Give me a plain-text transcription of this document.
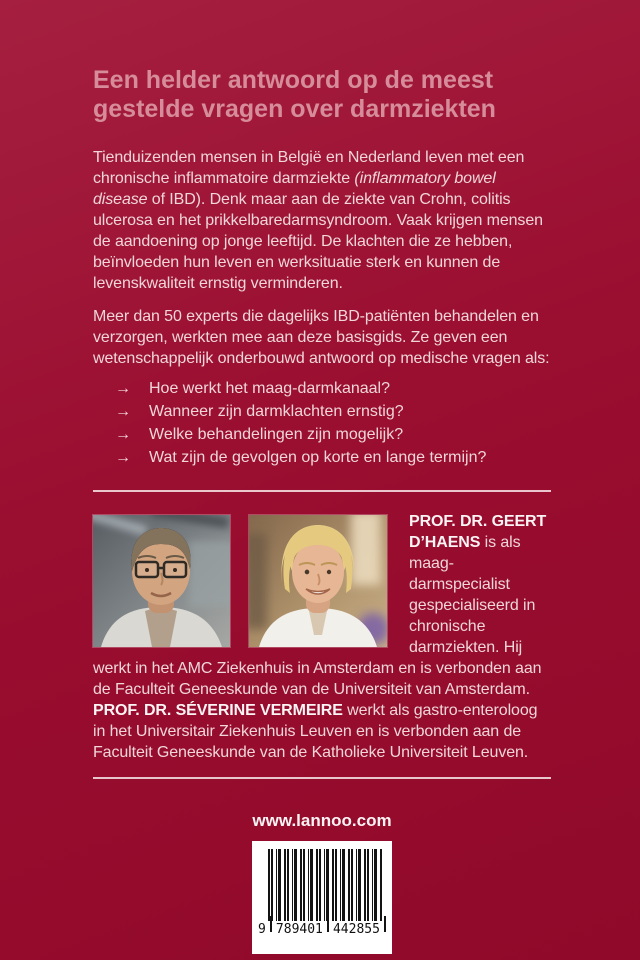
Een helder antwoord op de meest gestelde vragen over darmziekten

Tienduizenden mensen in België en Nederland leven met een chronische inflammatoire darmziekte (inflammatory bowel disease of IBD). Denk maar aan de ziekte van Crohn, colitis ulcerosa en het prikkelbaredarmsyndroom. Vaak krijgen mensen de aandoening op jonge leeftijd. De klachten die ze hebben, beïnvloeden hun leven en werksituatie sterk en kunnen de levenskwaliteit ernstig verminderen.

Meer dan 50 experts die dagelijks IBD-patiënten behandelen en verzorgen, werkten mee aan deze basisgids. Ze geven een wetenschappelijk onderbouwd antwoord op medische vragen als:

→ Hoe werkt het maag-darmkanaal?
→ Wanneer zijn darmklachten ernstig?
→ Welke behandelingen zijn mogelijk?
→ Wat zijn de gevolgen op korte en lange termijn?

PROF. DR. GEERT D’HAENS is als maag-darmspecialist gespecialiseerd in chronische darmziekten. Hij werkt in het AMC Ziekenhuis in Amsterdam en is verbonden aan de Faculteit Geneeskunde van de Universiteit van Amsterdam. PROF. DR. SÉVERINE VERMEIRE werkt als gastro-enteroloog in het Universitair Ziekenhuis Leuven en is verbonden aan de Faculteit Geneeskunde van de Katholieke Universiteit Leuven.

www.lannoo.com

9 789401 442855
